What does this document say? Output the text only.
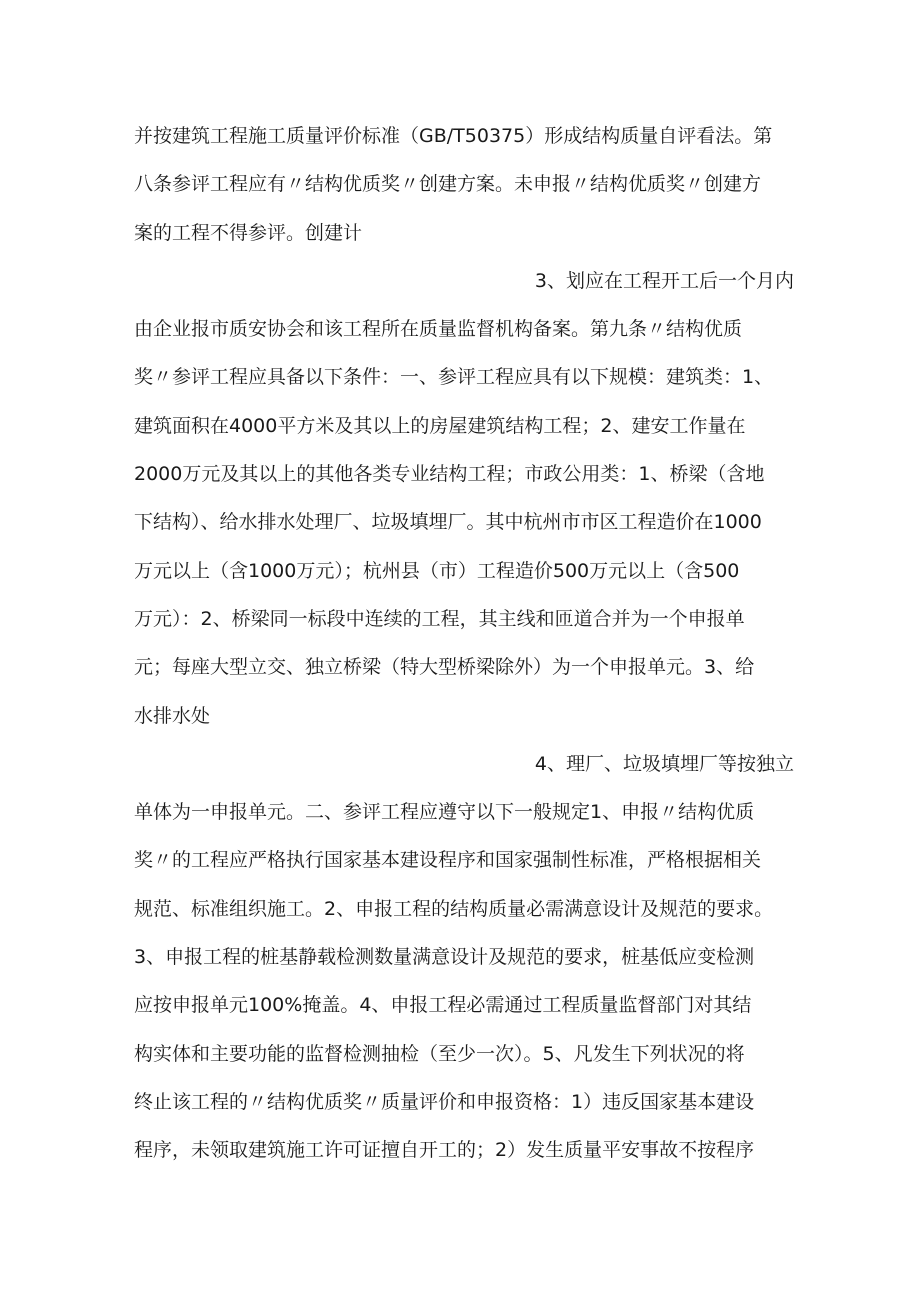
并按建筑工程施工质量评价标准（GB/T50375）形成结构质量自评看法。第
八条参评工程应有〃结构优质奖〃创建方案。未申报〃结构优质奖〃创建方
案的工程不得参评。创建计
3、划应在工程开工后一个月内
由企业报市质安协会和该工程所在质量监督机构备案。第九条〃结构优质
奖〃参评工程应具备以下条件：一、参评工程应具有以下规模：建筑类：1、
建筑面积在4000平方米及其以上的房屋建筑结构工程；2、建安工作量在
2000万元及其以上的其他各类专业结构工程；市政公用类：1、桥梁（含地
下结构）、给水排水处理厂、垃圾填埋厂。其中杭州市市区工程造价在1000
万元以上（含1000万元）；杭州县（市）工程造价500万元以上（含500
万元）：2、桥梁同一标段中连续的工程，其主线和匝道合并为一个申报单
元；每座大型立交、独立桥梁（特大型桥梁除外）为一个申报单元。3、给
水排水处
4、理厂、垃圾填埋厂等按独立
单体为一申报单元。二、参评工程应遵守以下一般规定1、申报〃结构优质
奖〃的工程应严格执行国家基本建设程序和国家强制性标准，严格根据相关
规范、标准组织施工。2、申报工程的结构质量必需满意设计及规范的要求。
3、申报工程的桩基静载检测数量满意设计及规范的要求，桩基低应变检测
应按申报单元100%掩盖。4、申报工程必需通过工程质量监督部门对其结
构实体和主要功能的监督检测抽检（至少一次）。5、凡发生下列状况的将
终止该工程的〃结构优质奖〃质量评价和申报资格：1）违反国家基本建设
程序，未领取建筑施工许可证擅自开工的；2）发生质量平安事故不按程序
